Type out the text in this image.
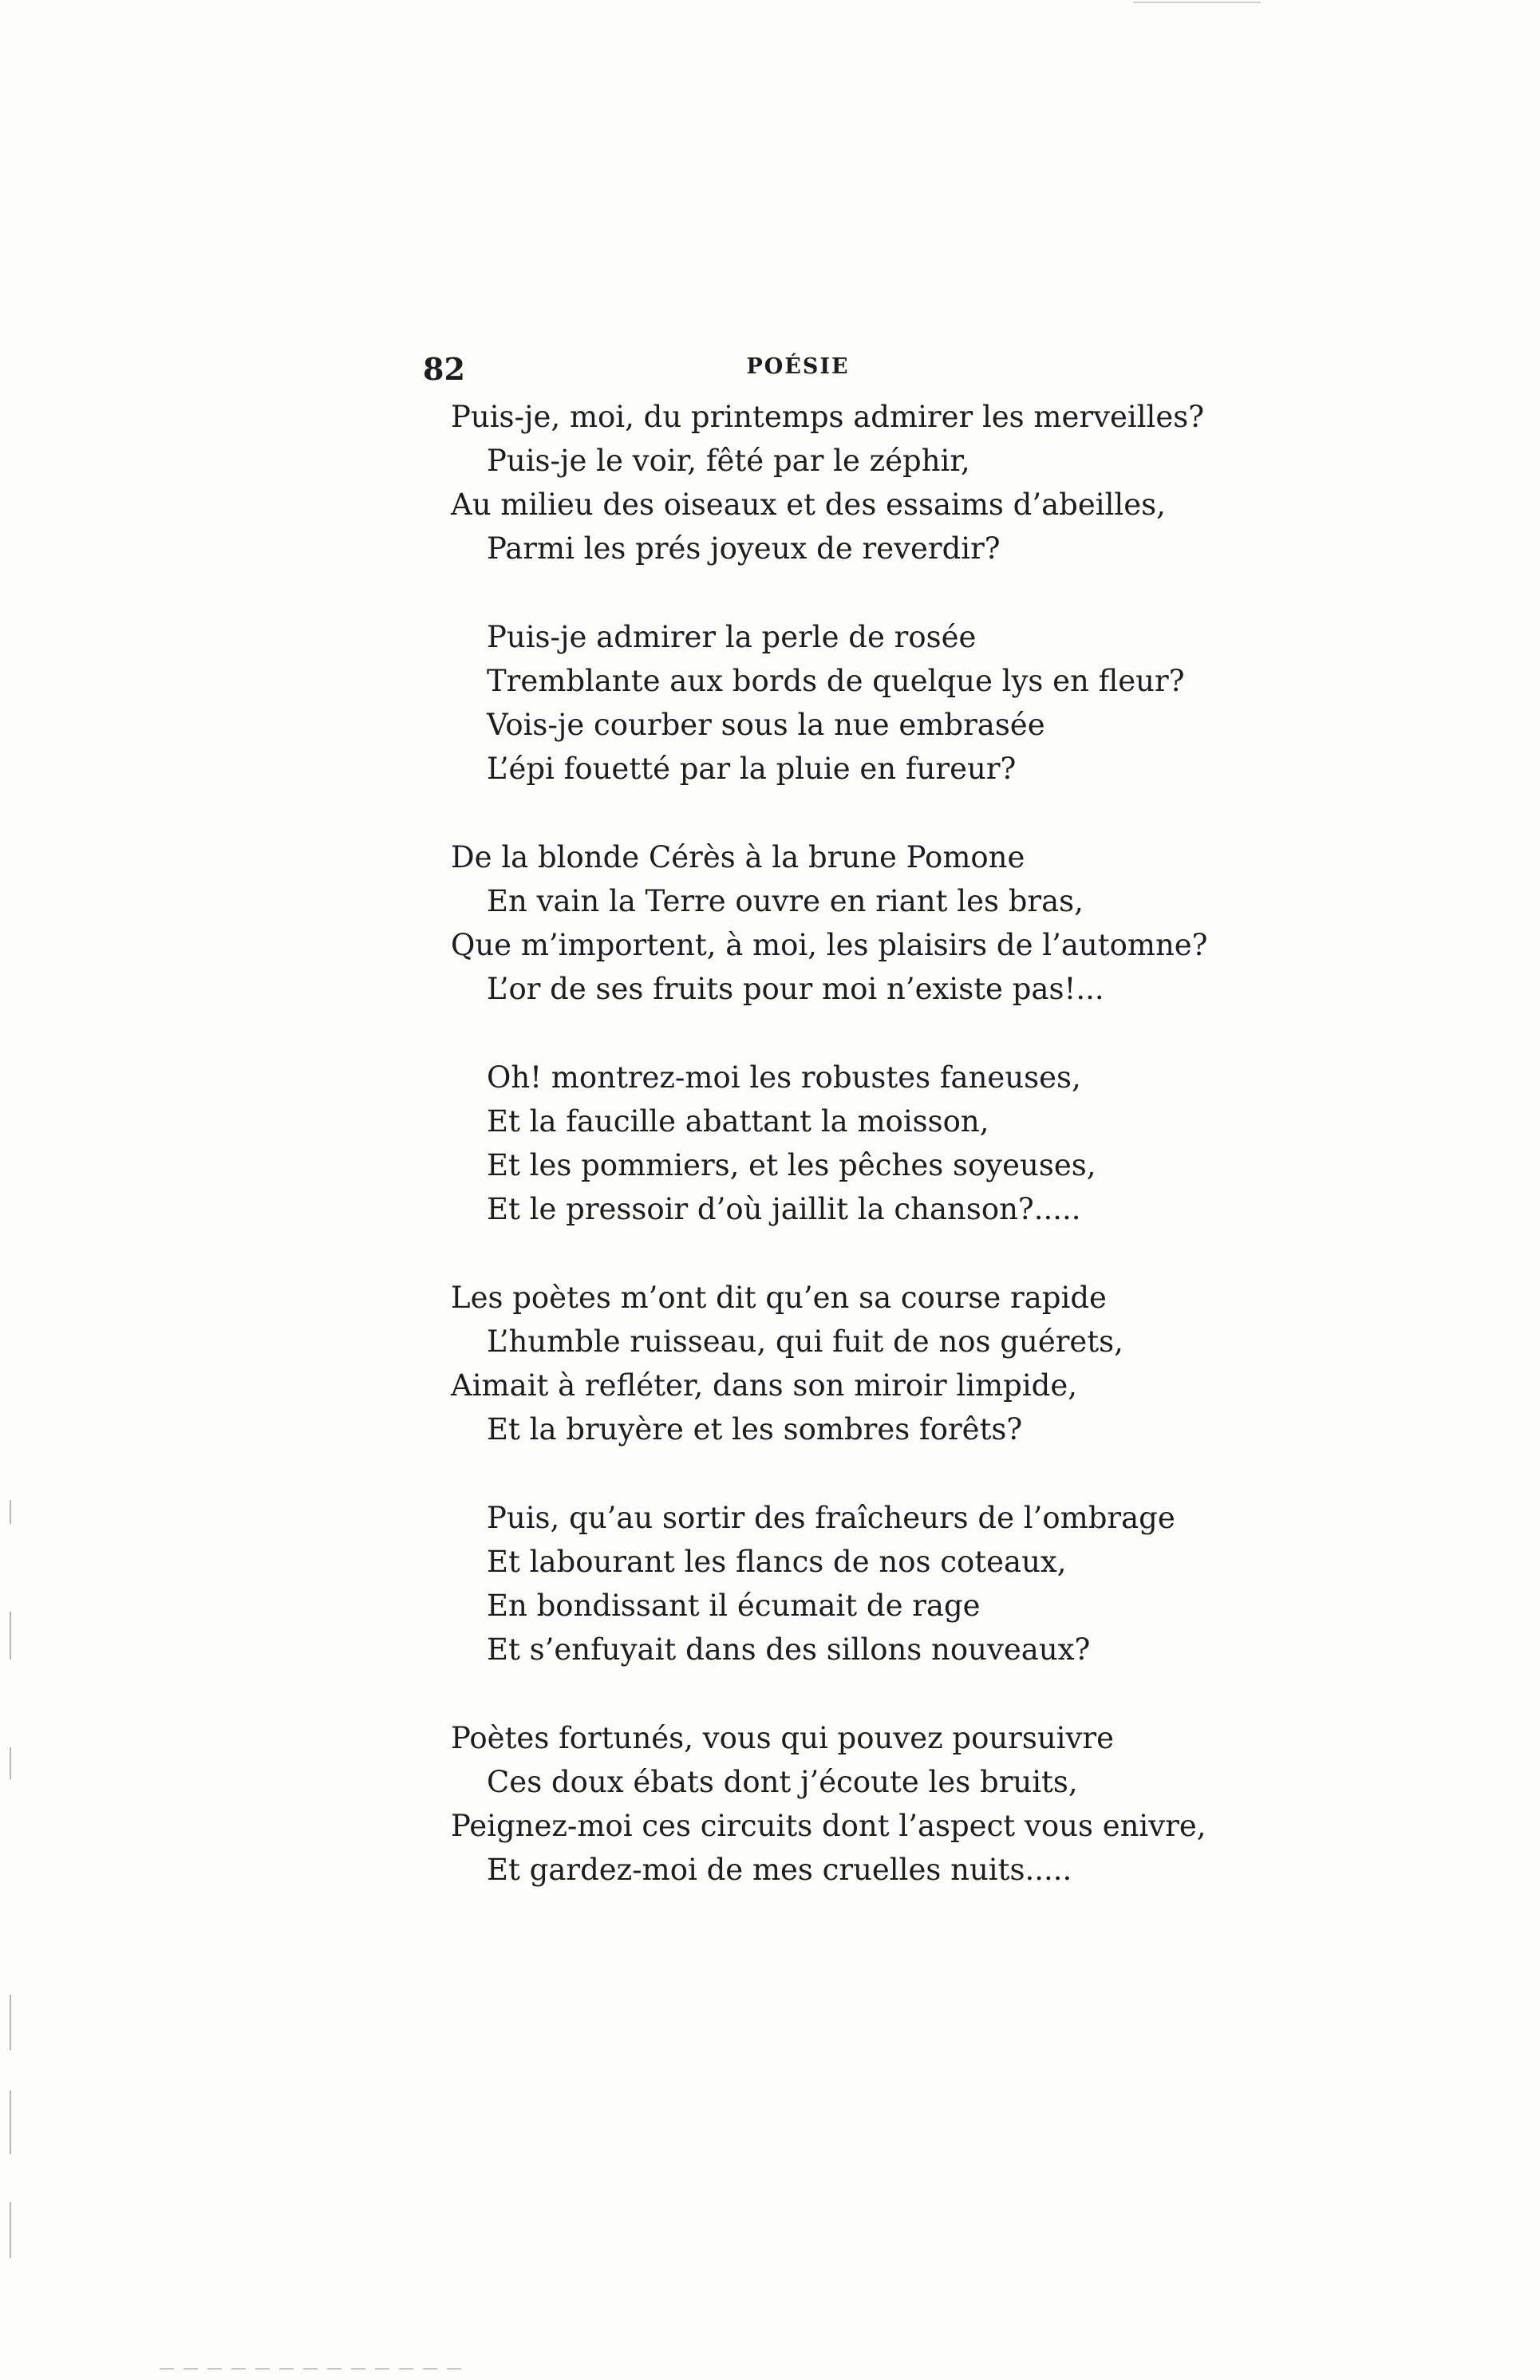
82	POÉSIE
Puis-je, moi, du printemps admirer les merveilles?
Puis-je le voir, fêté par le zéphir,
Au milieu des oiseaux et des essaims d’abeilles,
Parmi les prés joyeux de reverdir?
Puis-je admirer la perle de rosée
Tremblante aux bords de quelque lys en fleur?
Vois-je courber sous la nue embrasée
L’épi fouetté par la pluie en fureur?
De la blonde Cérès à la brune Pomone
En vain la Terre ouvre en riant les bras,
Que m’importent, à moi, les plaisirs de l’automne?
L’or de ses fruits pour moi n’existe pas!...
Oh! montrez-moi les robustes faneuses,
Et la faucille abattant la moisson,
Et les pommiers, et les pêches soyeuses,
Et le pressoir d’où jaillit la chanson?.....
Les poètes m’ont dit qu’en sa course rapide
L’humble ruisseau, qui fuit de nos guérets,
Aimait à refléter, dans son miroir limpide,
Et la bruyère et les sombres forêts?
Puis, qu’au sortir des fraîcheurs de l’ombrage
Et labourant les flancs de nos coteaux,
En bondissant il écumait de rage
Et s’enfuyait dans des sillons nouveaux?
Poètes fortunés, vous qui pouvez poursuivre
Ces doux ébats dont j’écoute les bruits,
Peignez-moi ces circuits dont l’aspect vous enivre,
Et gardez-moi de mes cruelles nuits.....
